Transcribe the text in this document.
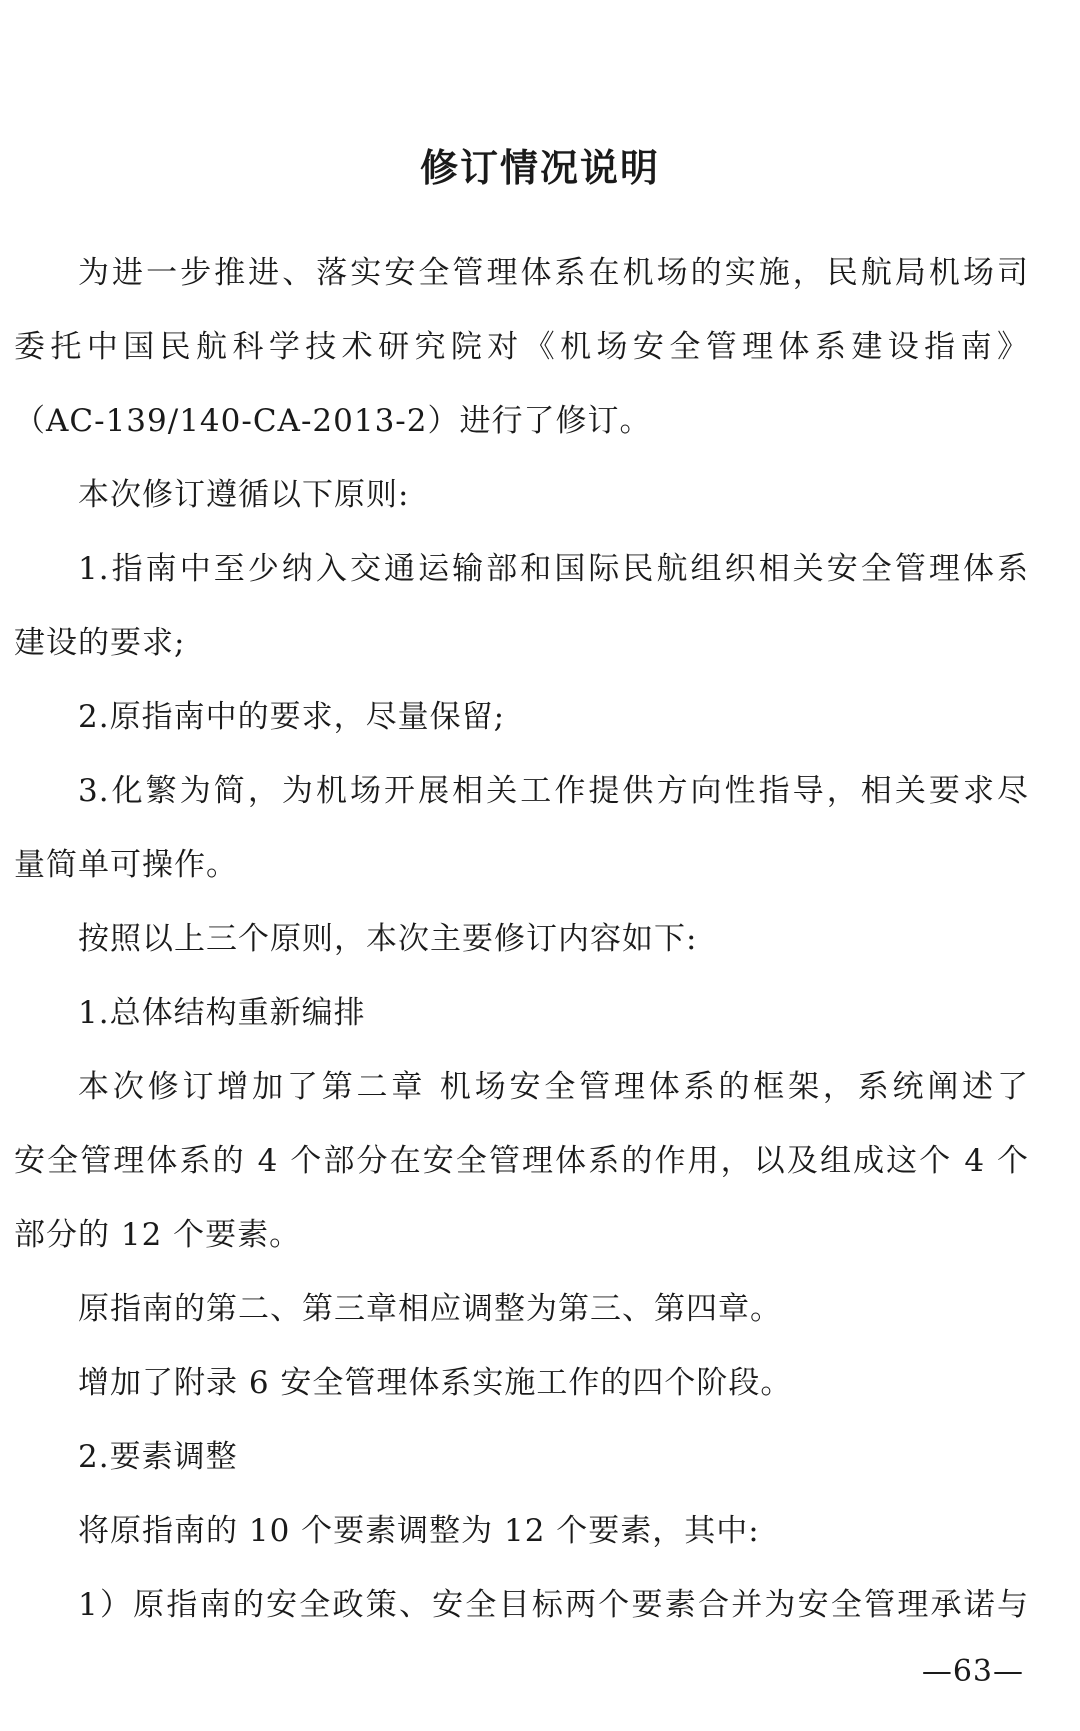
修订情况说明
为进一步推进、落实安全管理体系在机场的实施，民航局机场司
委托中国民航科学技术研究院对《机场安全管理体系建设指南》
（AC-139/140-CA-2013-2）进行了修订。
本次修订遵循以下原则:
1.指南中至少纳入交通运输部和国际民航组织相关安全管理体系
建设的要求;
2.原指南中的要求，尽量保留;
3.化繁为简，为机场开展相关工作提供方向性指导，相关要求尽
量简单可操作。
按照以上三个原则，本次主要修订内容如下:
1.总体结构重新编排
本次修订增加了第二章 机场安全管理体系的框架，系统阐述了
安全管理体系的 4 个部分在安全管理体系的作用，以及组成这个 4 个
部分的 12 个要素。
原指南的第二、第三章相应调整为第三、第四章。
增加了附录 6 安全管理体系实施工作的四个阶段。
2.要素调整
将原指南的 10 个要素调整为 12 个要素，其中:
1）原指南的安全政策、安全目标两个要素合并为安全管理承诺与
—63—
